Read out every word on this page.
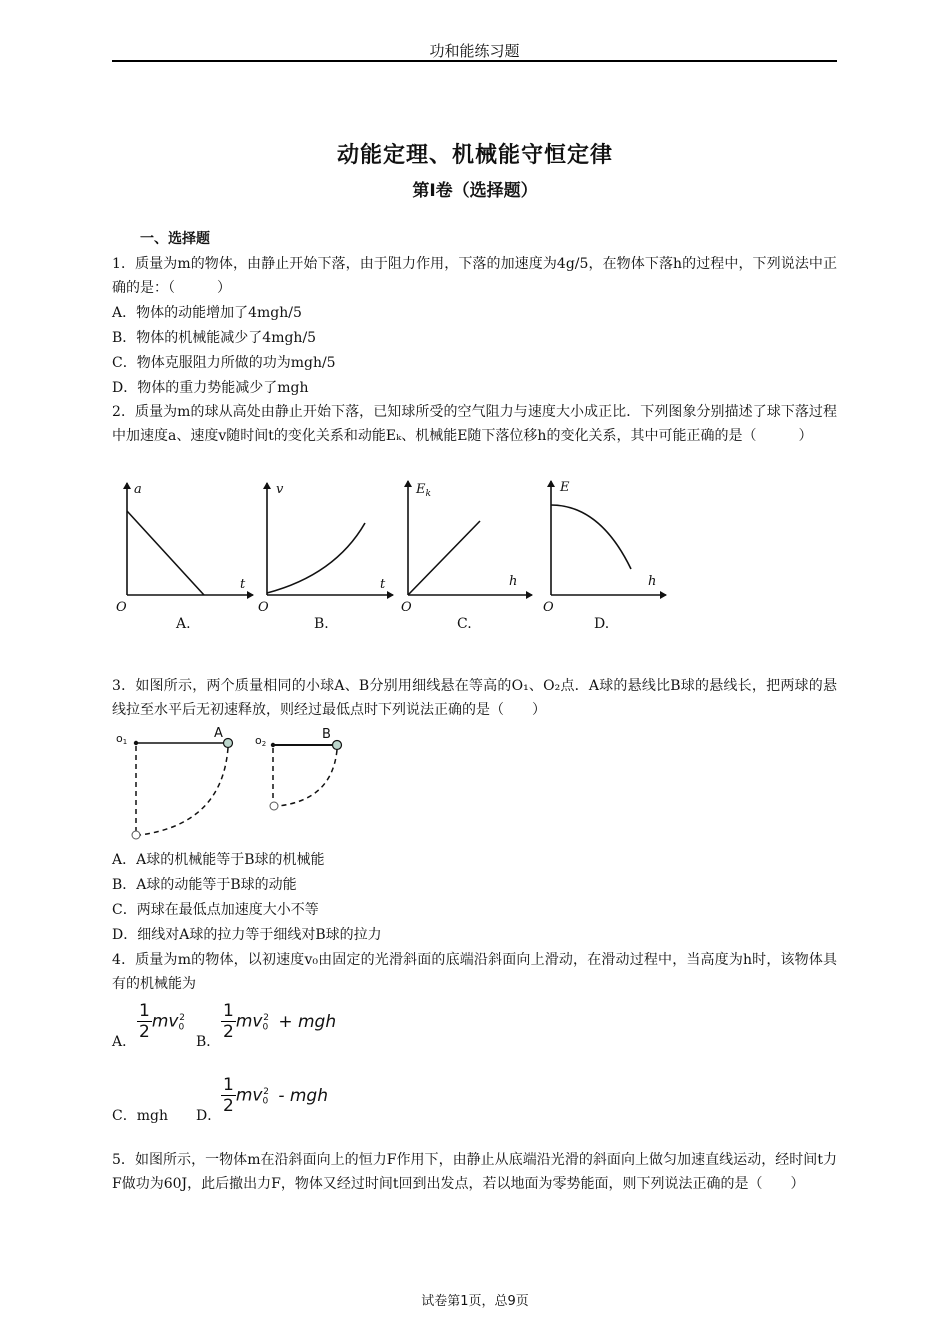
功和能练习题
动能定理、机械能守恒定律
第Ⅰ卷（选择题）
一、选择题
1．质量为m的物体，由静止开始下落，由于阻力作用，下落的加速度为4g/5，在物体下落h的过程中，下列说法中正确的是：（　　　）
A．物体的动能增加了4mgh/5
B．物体的机械能减少了4mgh/5
C．物体克服阻力所做的功为mgh/5
D．物体的重力势能减少了mgh
2．质量为m的球从高处由静止开始下落，已知球所受的空气阻力与速度大小成正比．下列图象分别描述了球下落过程中加速度a、速度v随时间t的变化关系和动能Eₖ、机械能E随下落位移h的变化关系，其中可能正确的是（　　　）
a
t
O
A.
v
t
O
B.
$E_k$
h
O
C.
E
h
O
D.
3．如图所示，两个质量相同的小球A、B分别用细线悬在等高的O₁、O₂点．A球的悬线比B球的悬线长，把两球的悬线拉至水平后无初速释放，则经过最低点时下列说法正确的是（　　）
o1
A	o2
B
A．A球的机械能等于B球的机械能
B．A球的动能等于B球的动能
C．两球在最低点加速度大小不等
D．细线对A球的拉力等于细线对B球的拉力
4．质量为m的物体，以初速度v₀由固定的光滑斜面的底端沿斜面向上滑动，在滑动过程中，当高度为h时，该物体具有的机械能为
A． $\frac{1}{2} mv0^2$
B． $\frac{1}{2} mv0^2$ + mgh
C．mgh D． $\frac{1}{2} mv0^2$ - mgh
5．如图所示，一物体m在沿斜面向上的恒力F作用下，由静止从底端沿光滑的斜面向上做匀加速直线运动，经时间t力F做功为60J，此后撤出力F，物体又经过时间t回到出发点，若以地面为零势能面，则下列说法正确的是（　　）
试卷第1页，总9页
